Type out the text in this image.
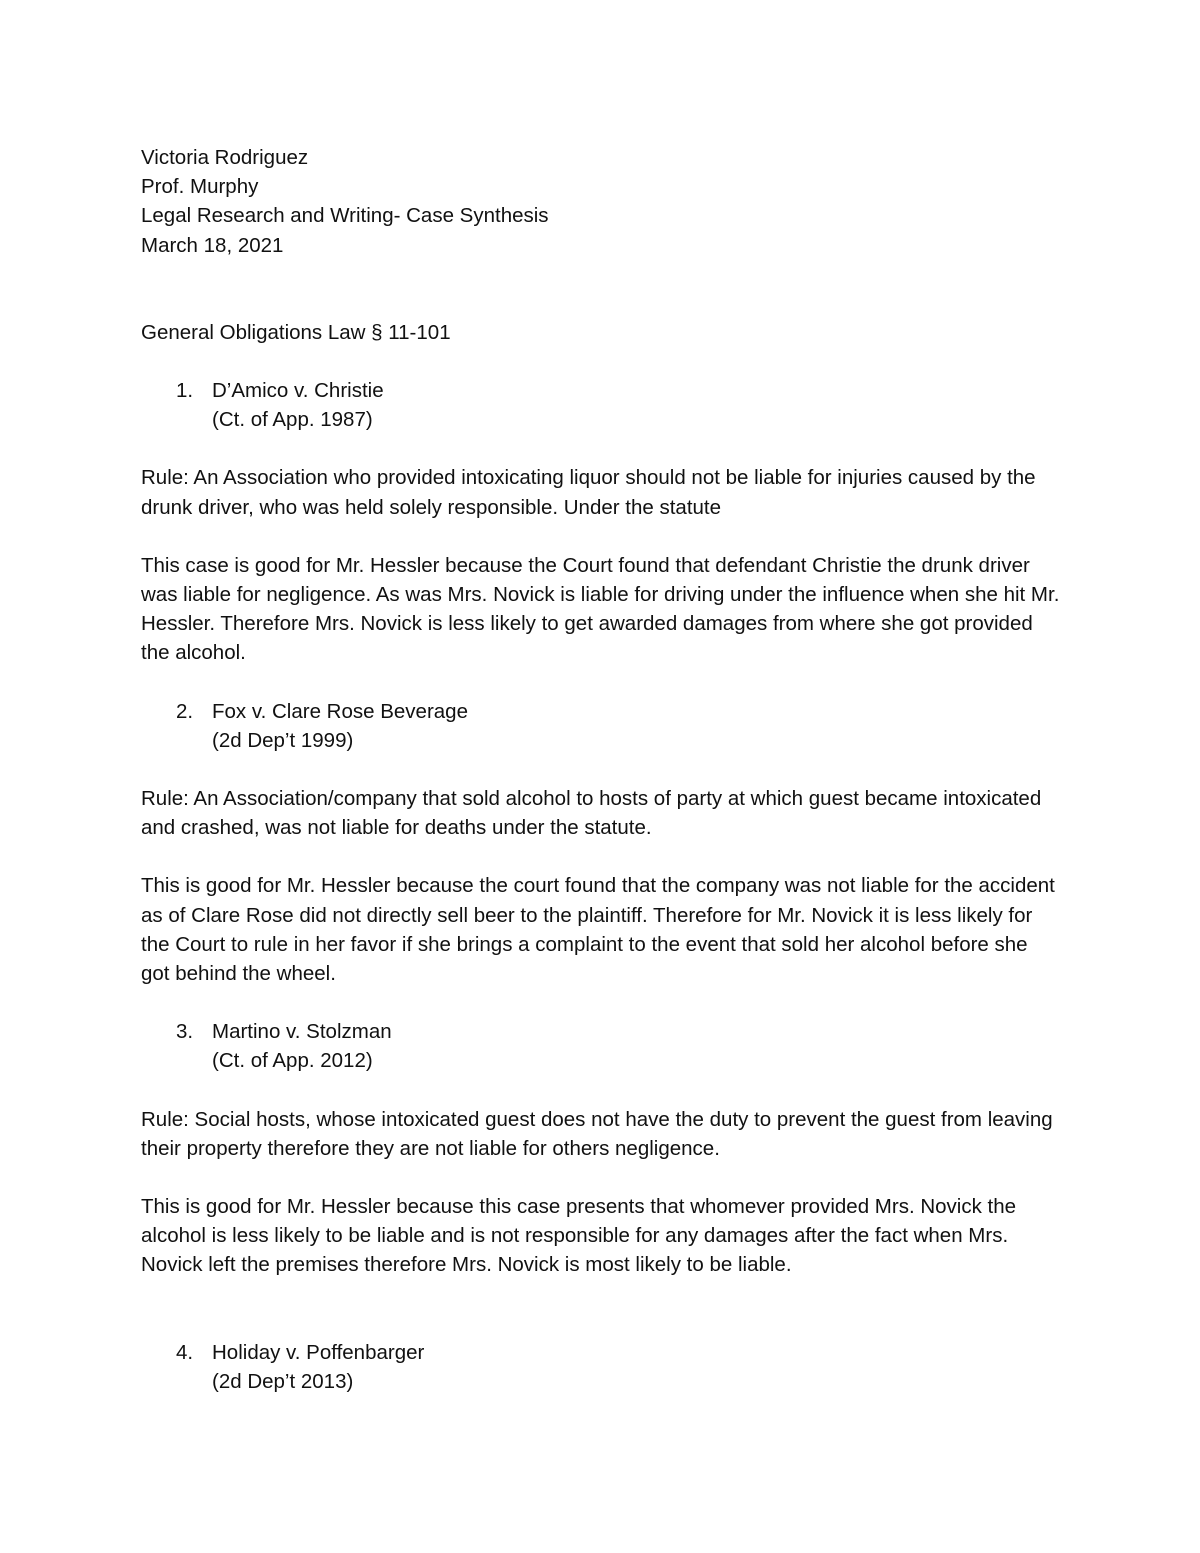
Victoria Rodriguez
Prof. Murphy
Legal Research and Writing- Case Synthesis
March 18, 2021
General Obligations Law § 11-101
1. D’Amico v. Christie
(Ct. of App. 1987)
Rule: An Association who provided intoxicating liquor should not be liable for injuries caused by the drunk driver, who was held solely responsible. Under the statute
This case is good for Mr. Hessler because the Court found that defendant Christie the drunk driver was liable for negligence. As was Mrs. Novick is liable for driving under the influence when she hit Mr. Hessler. Therefore Mrs. Novick is less likely to get awarded damages from where she got provided the alcohol.
2. Fox v. Clare Rose Beverage
(2d Dep’t 1999)
Rule: An Association/company that sold alcohol to hosts of party at which guest became intoxicated and crashed, was not liable for deaths under the statute.
This is good for Mr. Hessler because the court found that the company was not liable for the accident as of Clare Rose did not directly sell beer to the plaintiff. Therefore for Mr. Novick it is less likely for the Court to rule in her favor if she brings a complaint to the event that sold her alcohol before she got behind the wheel.
3. Martino v. Stolzman
(Ct. of App. 2012)
Rule: Social hosts, whose intoxicated guest does not have the duty to prevent the guest from leaving their property therefore they are not liable for others negligence.
This is good for Mr. Hessler because this case presents that whomever provided Mrs. Novick the alcohol is less likely to be liable and is not responsible for any damages after the fact when Mrs. Novick left the premises therefore Mrs. Novick is most likely to be liable.
4. Holiday v. Poffenbarger
(2d Dep’t 2013)
